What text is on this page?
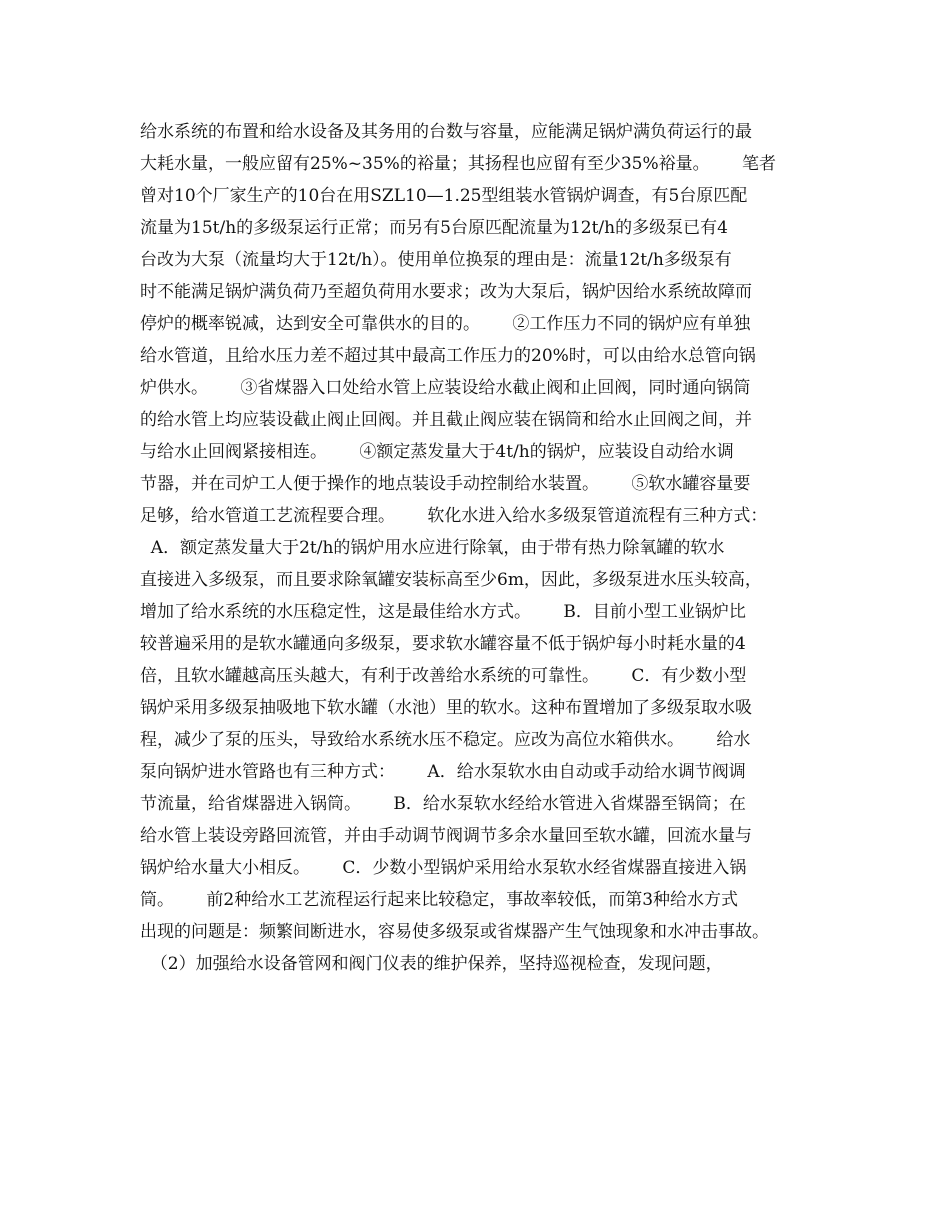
给水系统的布置和给水设备及其务用的台数与容量，应能满足锅炉满负荷运行的最
大耗水量，一般应留有25%~35%的裕量；其扬程也应留有至少35%裕量。      笔者
曾对10个厂家生产的10台在用SZL10—1.25型组装水管锅炉调查，有5台原匹配
流量为15t/h的多级泵运行正常；而另有5台原匹配流量为12t/h的多级泵已有4
台改为大泵（流量均大于12t/h）。使用单位换泵的理由是：流量12t/h多级泵有
时不能满足锅炉满负荷乃至超负荷用水要求；改为大泵后，锅炉因给水系统故障而
停炉的概率锐减，达到安全可靠供水的目的。      ②工作压力不同的锅炉应有单独
给水管道，且给水压力差不超过其中最高工作压力的20%时，可以由给水总管向锅
炉供水。      ③省煤器入口处给水管上应装设给水截止阀和止回阀，同时通向锅筒
的给水管上均应装设截止阀止回阀。并且截止阀应装在锅筒和给水止回阀之间，并
与给水止回阀紧接相连。      ④额定蒸发量大于4t/h的锅炉，应装设自动给水调
节器，并在司炉工人便于操作的地点装设手动控制给水装置。      ⑤软水罐容量要
足够，给水管道工艺流程要合理。      软化水进入给水多级泵管道流程有三种方式：
A．额定蒸发量大于2t/h的锅炉用水应进行除氧，由于带有热力除氧罐的软水
直接进入多级泵，而且要求除氧罐安装标高至少6m，因此，多级泵进水压头较高，
增加了给水系统的水压稳定性，这是最佳给水方式。      B．目前小型工业锅炉比
较普遍采用的是软水罐通向多级泵，要求软水罐容量不低于锅炉每小时耗水量的4
倍，且软水罐越高压头越大，有利于改善给水系统的可靠性。      C．有少数小型
锅炉采用多级泵抽吸地下软水罐（水池）里的软水。这种布置增加了多级泵取水吸
程，减少了泵的压头，导致给水系统水压不稳定。应改为高位水箱供水。      给水
泵向锅炉进水管路也有三种方式：      A．给水泵软水由自动或手动给水调节阀调
节流量，给省煤器进入锅筒。      B．给水泵软水经给水管进入省煤器至锅筒；在
给水管上装设旁路回流管，并由手动调节阀调节多余水量回至软水罐，回流水量与
锅炉给水量大小相反。      C．少数小型锅炉采用给水泵软水经省煤器直接进入锅
筒。      前2种给水工艺流程运行起来比较稳定，事故率较低，而第3种给水方式
出现的问题是：频繁间断进水，容易使多级泵或省煤器产生气蚀现象和水冲击事故。
（2）加强给水设备管网和阀门仪表的维护保养，坚持巡视检查，发现问题，
